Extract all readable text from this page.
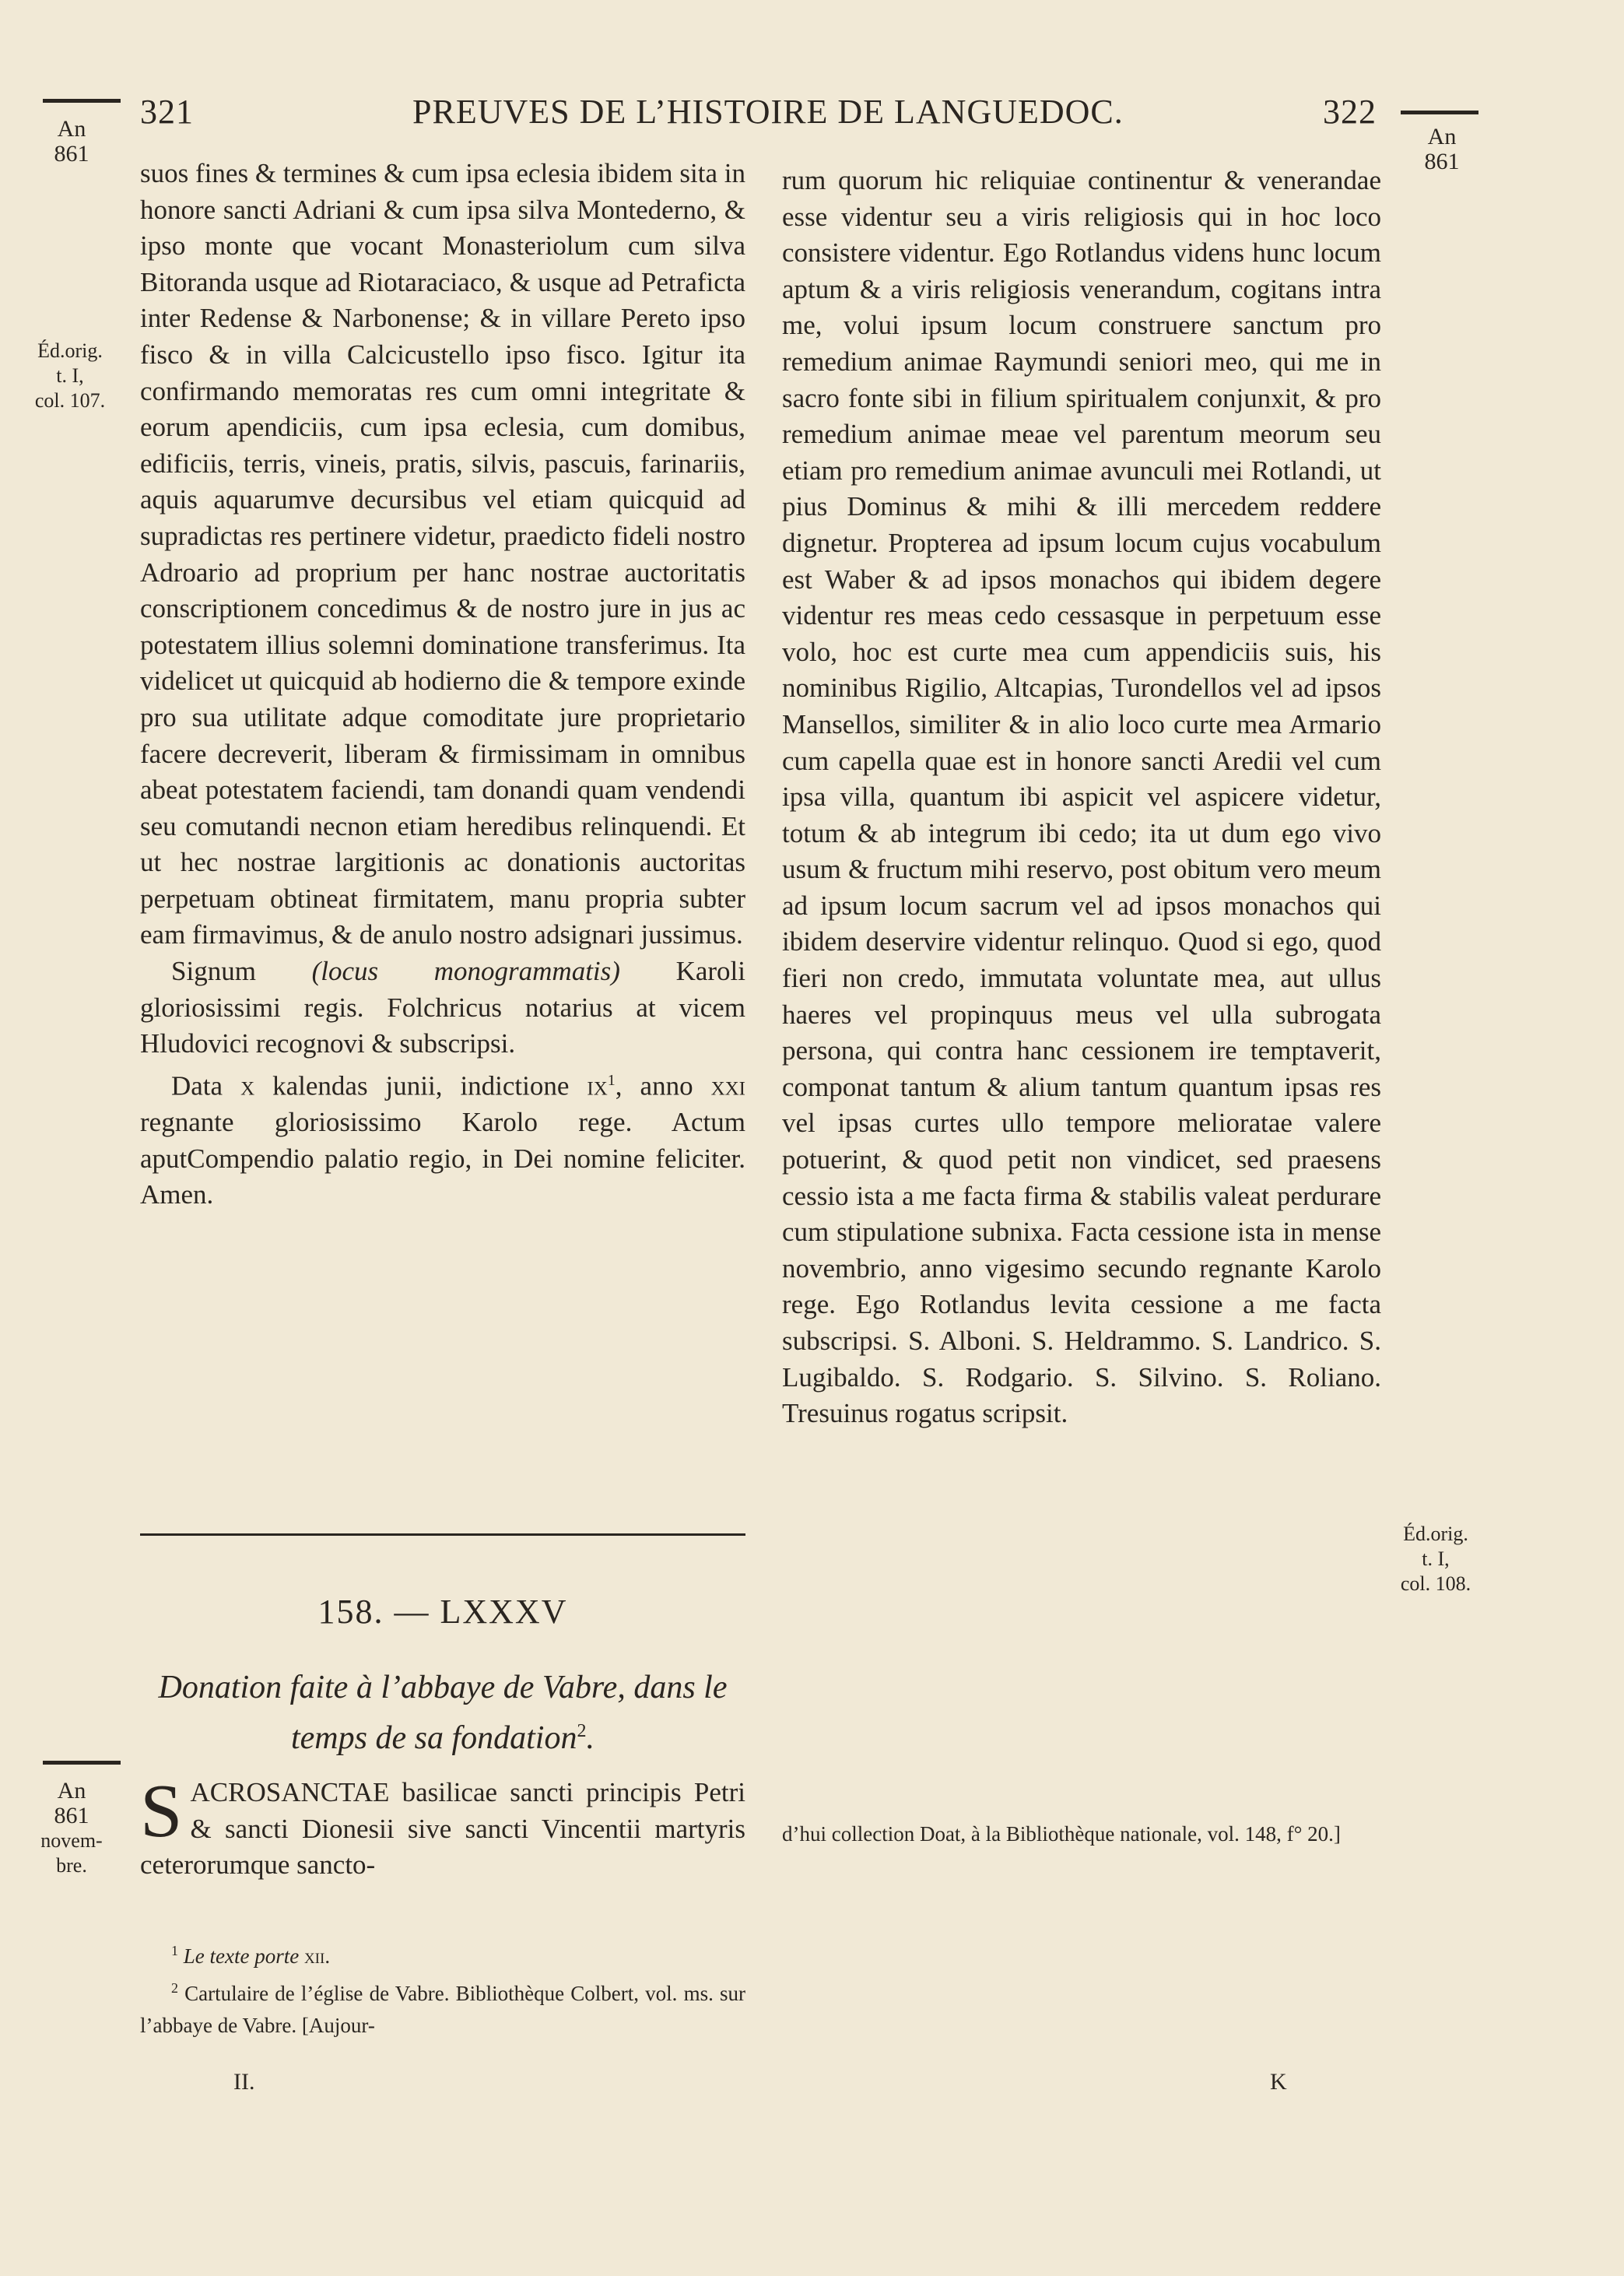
321	PREUVES DE L’HISTOIRE DE LANGUEDOC.	322
An
861
Éd.orig.
t. I,
col. 107.
An
861
novem-
bre.
An
861
Éd.orig.
t. I,
col. 108.

suos fines & termines & cum ipsa eclesia ibidem sita in honore sancti Adriani & cum ipsa silva Montederno, & ipso monte que vocant Monasteriolum cum silva Bitoranda usque ad Riotaraciaco, & usque ad Petraficta inter Redense & Narbonense; & in villare Pereto ipso fisco & in villa Calcicustello ipso fisco. Igitur ita confirmando memoratas res cum omni integritate & eorum apendiciis, cum ipsa eclesia, cum domibus, edificiis, terris, vineis, pratis, silvis, pascuis, farinariis, aquis aquarumve decursibus vel etiam quicquid ad supradictas res pertinere videtur, praedicto fideli nostro Adroario ad proprium per hanc nostrae auctoritatis conscriptionem concedimus & de nostro jure in jus ac potestatem illius solemni dominatione transferimus. Ita videlicet ut quicquid ab hodierno die & tempore exinde pro sua utilitate adque comoditate jure proprietario facere decreverit, liberam & firmissimam in omnibus abeat potestatem faciendi, tam donandi quam vendendi seu comutandi necnon etiam heredibus relinquendi. Et ut hec nostrae largitionis ac donationis auctoritas perpetuam obtineat firmitatem, manu propria subter eam firmavimus, & de anulo nostro adsignari jussimus.

Signum (locus monogrammatis) Karoli gloriosissimi regis. Folchricus notarius at vicem Hludovici recognovi & subscripsi.

Data x kalendas junii, indictione $ix^1$, anno xxi regnante gloriosissimo Karolo rege. Actum aputCompendio palatio regio, in Dei nomine feliciter. Amen.

158. — LXXXV
Donation faite à l’abbaye de Vabre, dans le temps de sa fondation$^2$.
SACROSANCTAE basilicae sancti principis Petri & sancti Dionesii sive sancti Vincentii martyris ceterorumque sancto-

$^1$ Le texte porte xii.

$^2$ Cartulaire de l’église de Vabre. Bibliothèque Colbert, vol. ms. sur l’abbaye de Vabre. [Aujour-

rum quorum hic reliquiae continentur & venerandae esse videntur seu a viris religiosis qui in hoc loco consistere videntur. Ego Rotlandus videns hunc locum aptum & a viris religiosis venerandum, cogitans intra me, volui ipsum locum construere sanctum pro remedium animae Raymundi seniori meo, qui me in sacro fonte sibi in filium spiritualem conjunxit, & pro remedium animae meae vel parentum meorum seu etiam pro remedium animae avunculi mei Rotlandi, ut pius Dominus & mihi & illi mercedem reddere dignetur. Propterea ad ipsum locum cujus vocabulum est Waber & ad ipsos monachos qui ibidem degere videntur res meas cedo cessasque in perpetuum esse volo, hoc est curte mea cum appendiciis suis, his nominibus Rigilio, Altcapias, Turondellos vel ad ipsos Mansellos, similiter & in alio loco curte mea Armario cum capella quae est in honore sancti Aredii vel cum ipsa villa, quantum ibi aspicit vel aspicere videtur, totum & ab integrum ibi cedo; ita ut dum ego vivo usum & fructum mihi reservo, post obitum vero meum ad ipsum locum sacrum vel ad ipsos monachos qui ibidem deservire videntur relinquo. Quod si ego, quod fieri non credo, immutata voluntate mea, aut ullus haeres vel propinquus meus vel ulla subrogata persona, qui contra hanc cessionem ire temptaverit, componat tantum & alium tantum quantum ipsas res vel ipsas curtes ullo tempore melioratae valere potuerint, & quod petit non vindicet, sed praesens cessio ista a me facta firma & stabilis valeat perdurare cum stipulatione subnixa. Facta cessione ista in mense novembrio, anno vigesimo secundo regnante Karolo rege. Ego Rotlandus levita cessione a me facta subscripsi. S. Alboni. S. Heldrammo. S. Landrico. S. Lugibaldo. S. Rodgario. S. Silvino. S. Roliano. Tresuinus rogatus scripsit.

d’hui collection Doat, à la Bibliothèque nationale, vol. 148, f° 20.]
II.	K
